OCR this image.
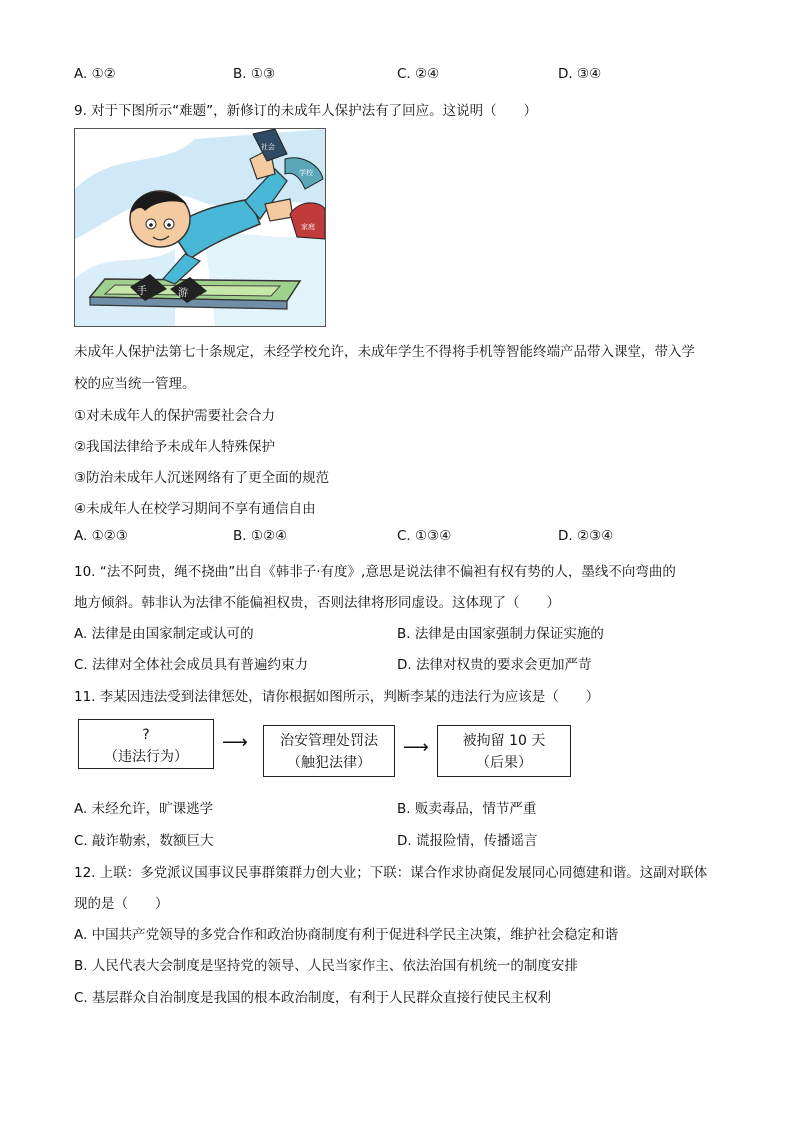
A. ①②	B. ①③	C. ②④	D. ③④
9. 对于下图所示“难题”，新修订的未成年人保护法有了回应。这说明（　　）
手	游
社会
学校
家庭
未成年人保护法第七十条规定，未经学校允许，未成年学生不得将手机等智能终端产品带入课堂，带入学
校的应当统一管理。
①对未成年人的保护需要社会合力
②我国法律给予未成年人特殊保护
③防治未成年人沉迷网络有了更全面的规范
④未成年人在校学习期间不享有通信自由
A. ①②③	B. ①②④	C. ①③④	D. ②③④
10. “法不阿贵，绳不挠曲”出自《韩非子·有度》,意思是说法律不偏袒有权有势的人，墨线不向弯曲的
地方倾斜。韩非认为法律不能偏袒权贵，否则法律将形同虚设。这体现了（　　）
A. 法律是由国家制定或认可的	B. 法律是由国家强制力保证实施的
C. 法律对全体社会成员具有普遍约束力	D. 法律对权贵的要求会更加严苛
11. 李某因违法受到法律惩处，请你根据如图所示，判断李某的违法行为应该是（　　）
?
（违法行为）
⟶	治安管理处罚法
（触犯法律）
⟶	被拘留 10 天
（后果）
A. 未经允许，旷课逃学	B. 贩卖毒品，情节严重
C. 敲诈勒索，数额巨大	D. 谎报险情，传播谣言
12. 上联：多党派议国事议民事群策群力创大业；下联：谋合作求协商促发展同心同德建和谐。这副对联体
现的是（　　）
A. 中国共产党领导的多党合作和政治协商制度有利于促进科学民主决策，维护社会稳定和谐
B. 人民代表大会制度是坚持党的领导、人民当家作主、依法治国有机统一的制度安排
C. 基层群众自治制度是我国的根本政治制度，有利于人民群众直接行使民主权利
